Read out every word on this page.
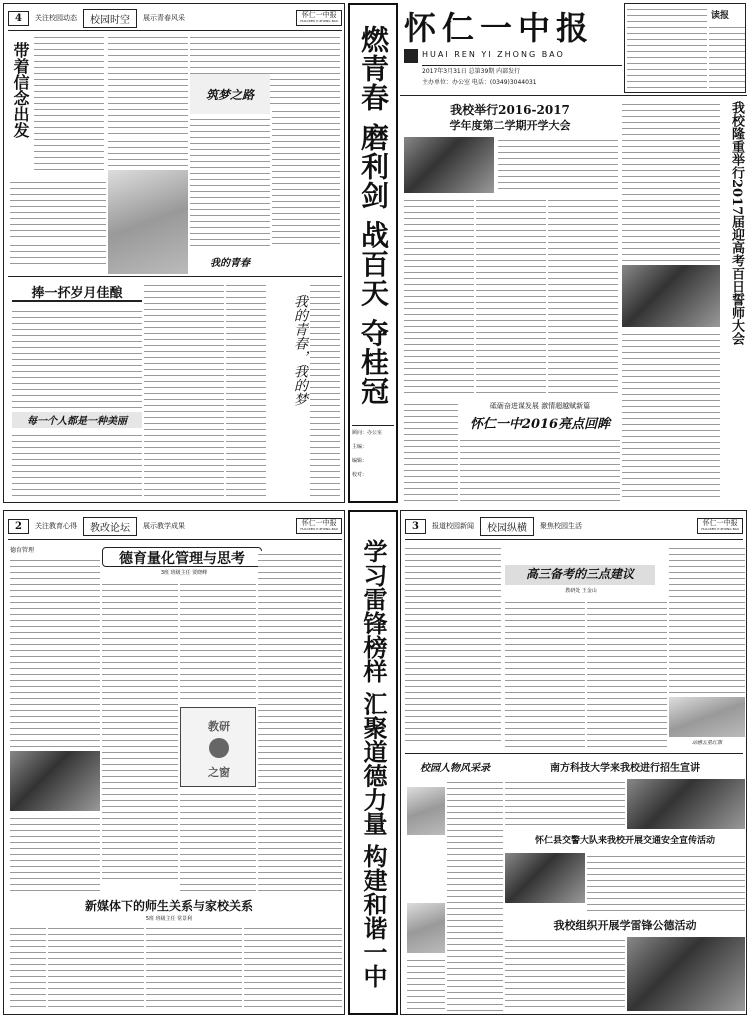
4	关注校园动态	校园时空	展示青春风采	怀仁一中报
HUAI REN YI ZHONG BAO
带着信念出发	筑梦之路
我的青春
捧一抔岁月佳酿
每一个人都是一种美丽
我的青春，我的梦 燃青春 磨利剑 战百天 夺桂冠
顾问：办公室
主编：
编辑：
校对：
怀仁一中报
HUAI REN YI ZHONG BAO
2017年3月31日 总第39期 内部发行
主办单位：办公室 电话：(0349)3044031
读报
我校举行2016-2017
学年度第二学期开学大会	我校隆重举行2017届迎高考百日誓师大会
砥砺奋进谋发展 激情超越赋新篇
怀仁一中2016亮点回眸
2	关注教育心得	教改论坛	展示教学成果	怀仁一中报
HUAI REN YI ZHONG BAO
德育管理
德育量化管理与思考
3班 班级主任 贾晓峰
教研
之窗
新媒体下的师生关系与家校关系
5班 班级主任 常景利	学习雷锋榜样 汇聚道德力量 构建和谐一中
3	报道校园新闻	校园纵横	聚焦校园生活	怀仁一中报
HUAI REN YI ZHONG BAO
高三备考的三点建议
教研处 王金山
动感五星红旗
校园人物风采录	南方科技大学来我校进行招生宣讲
怀仁县交警大队来我校开展交通安全宣传活动
我校组织开展学雷锋公德活动
